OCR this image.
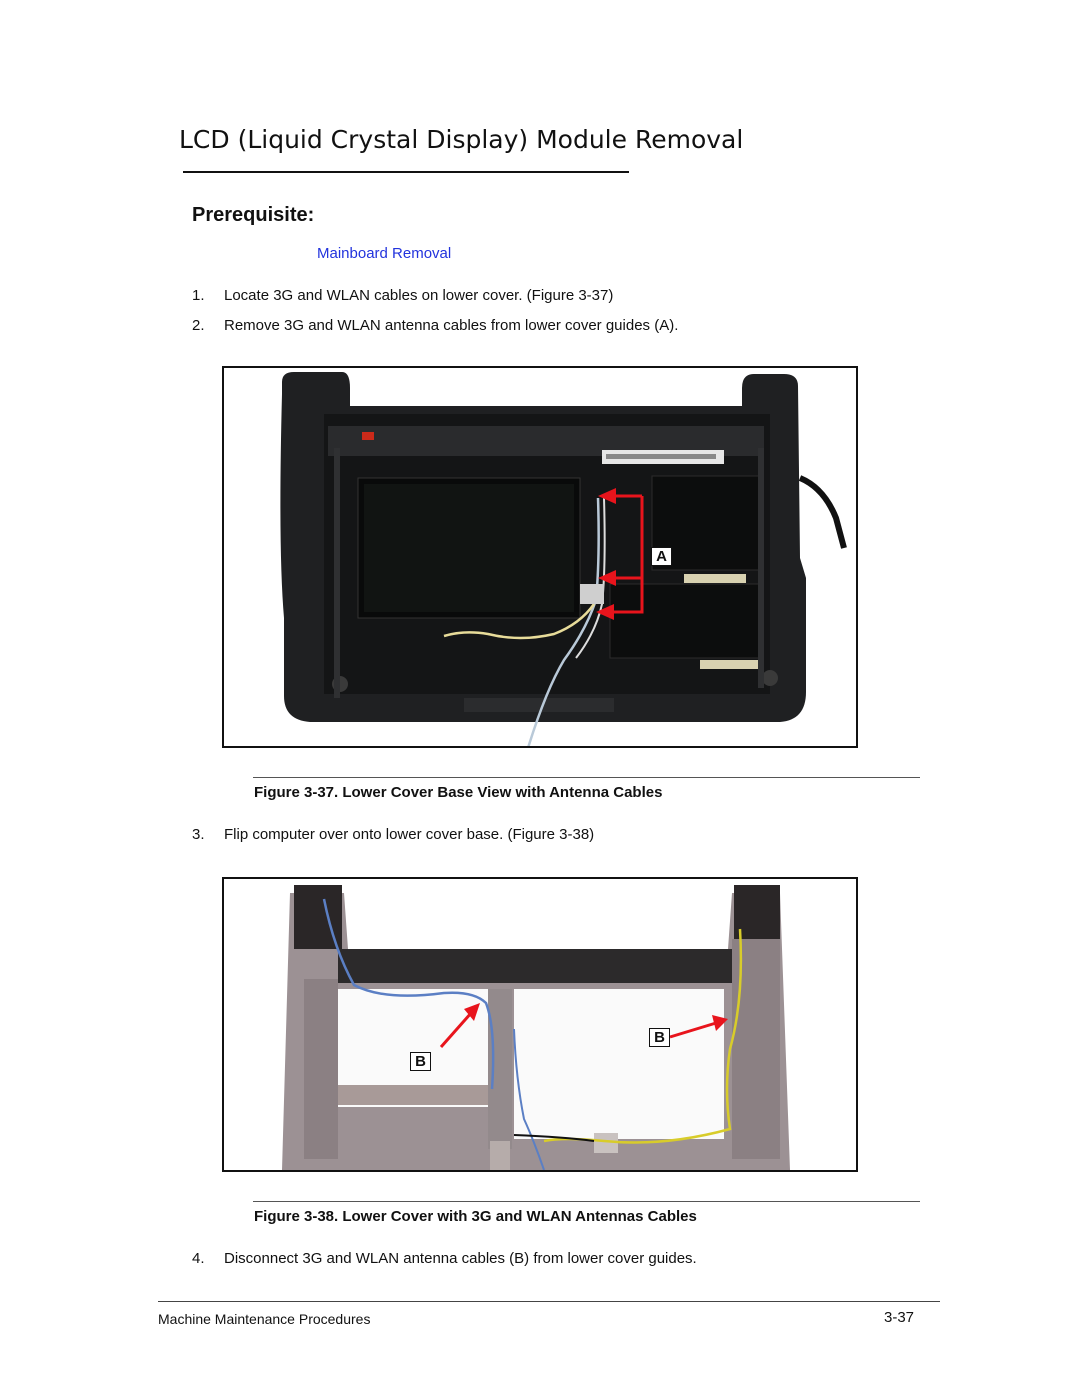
LCD (Liquid Crystal Display) Module Removal
Prerequisite:
Mainboard Removal
1. Locate 3G and WLAN cables on lower cover. (Figure 3-37)
2. Remove 3G and WLAN antenna cables from lower cover guides (A).
A
Figure 3-37. Lower Cover Base View with Antenna Cables
3. Flip computer over onto lower cover base. (Figure 3-38)
B
B
Figure 3-38. Lower Cover with 3G and WLAN Antennas Cables
4. Disconnect 3G and WLAN antenna cables (B) from lower cover guides.
Machine Maintenance Procedures	3-37
